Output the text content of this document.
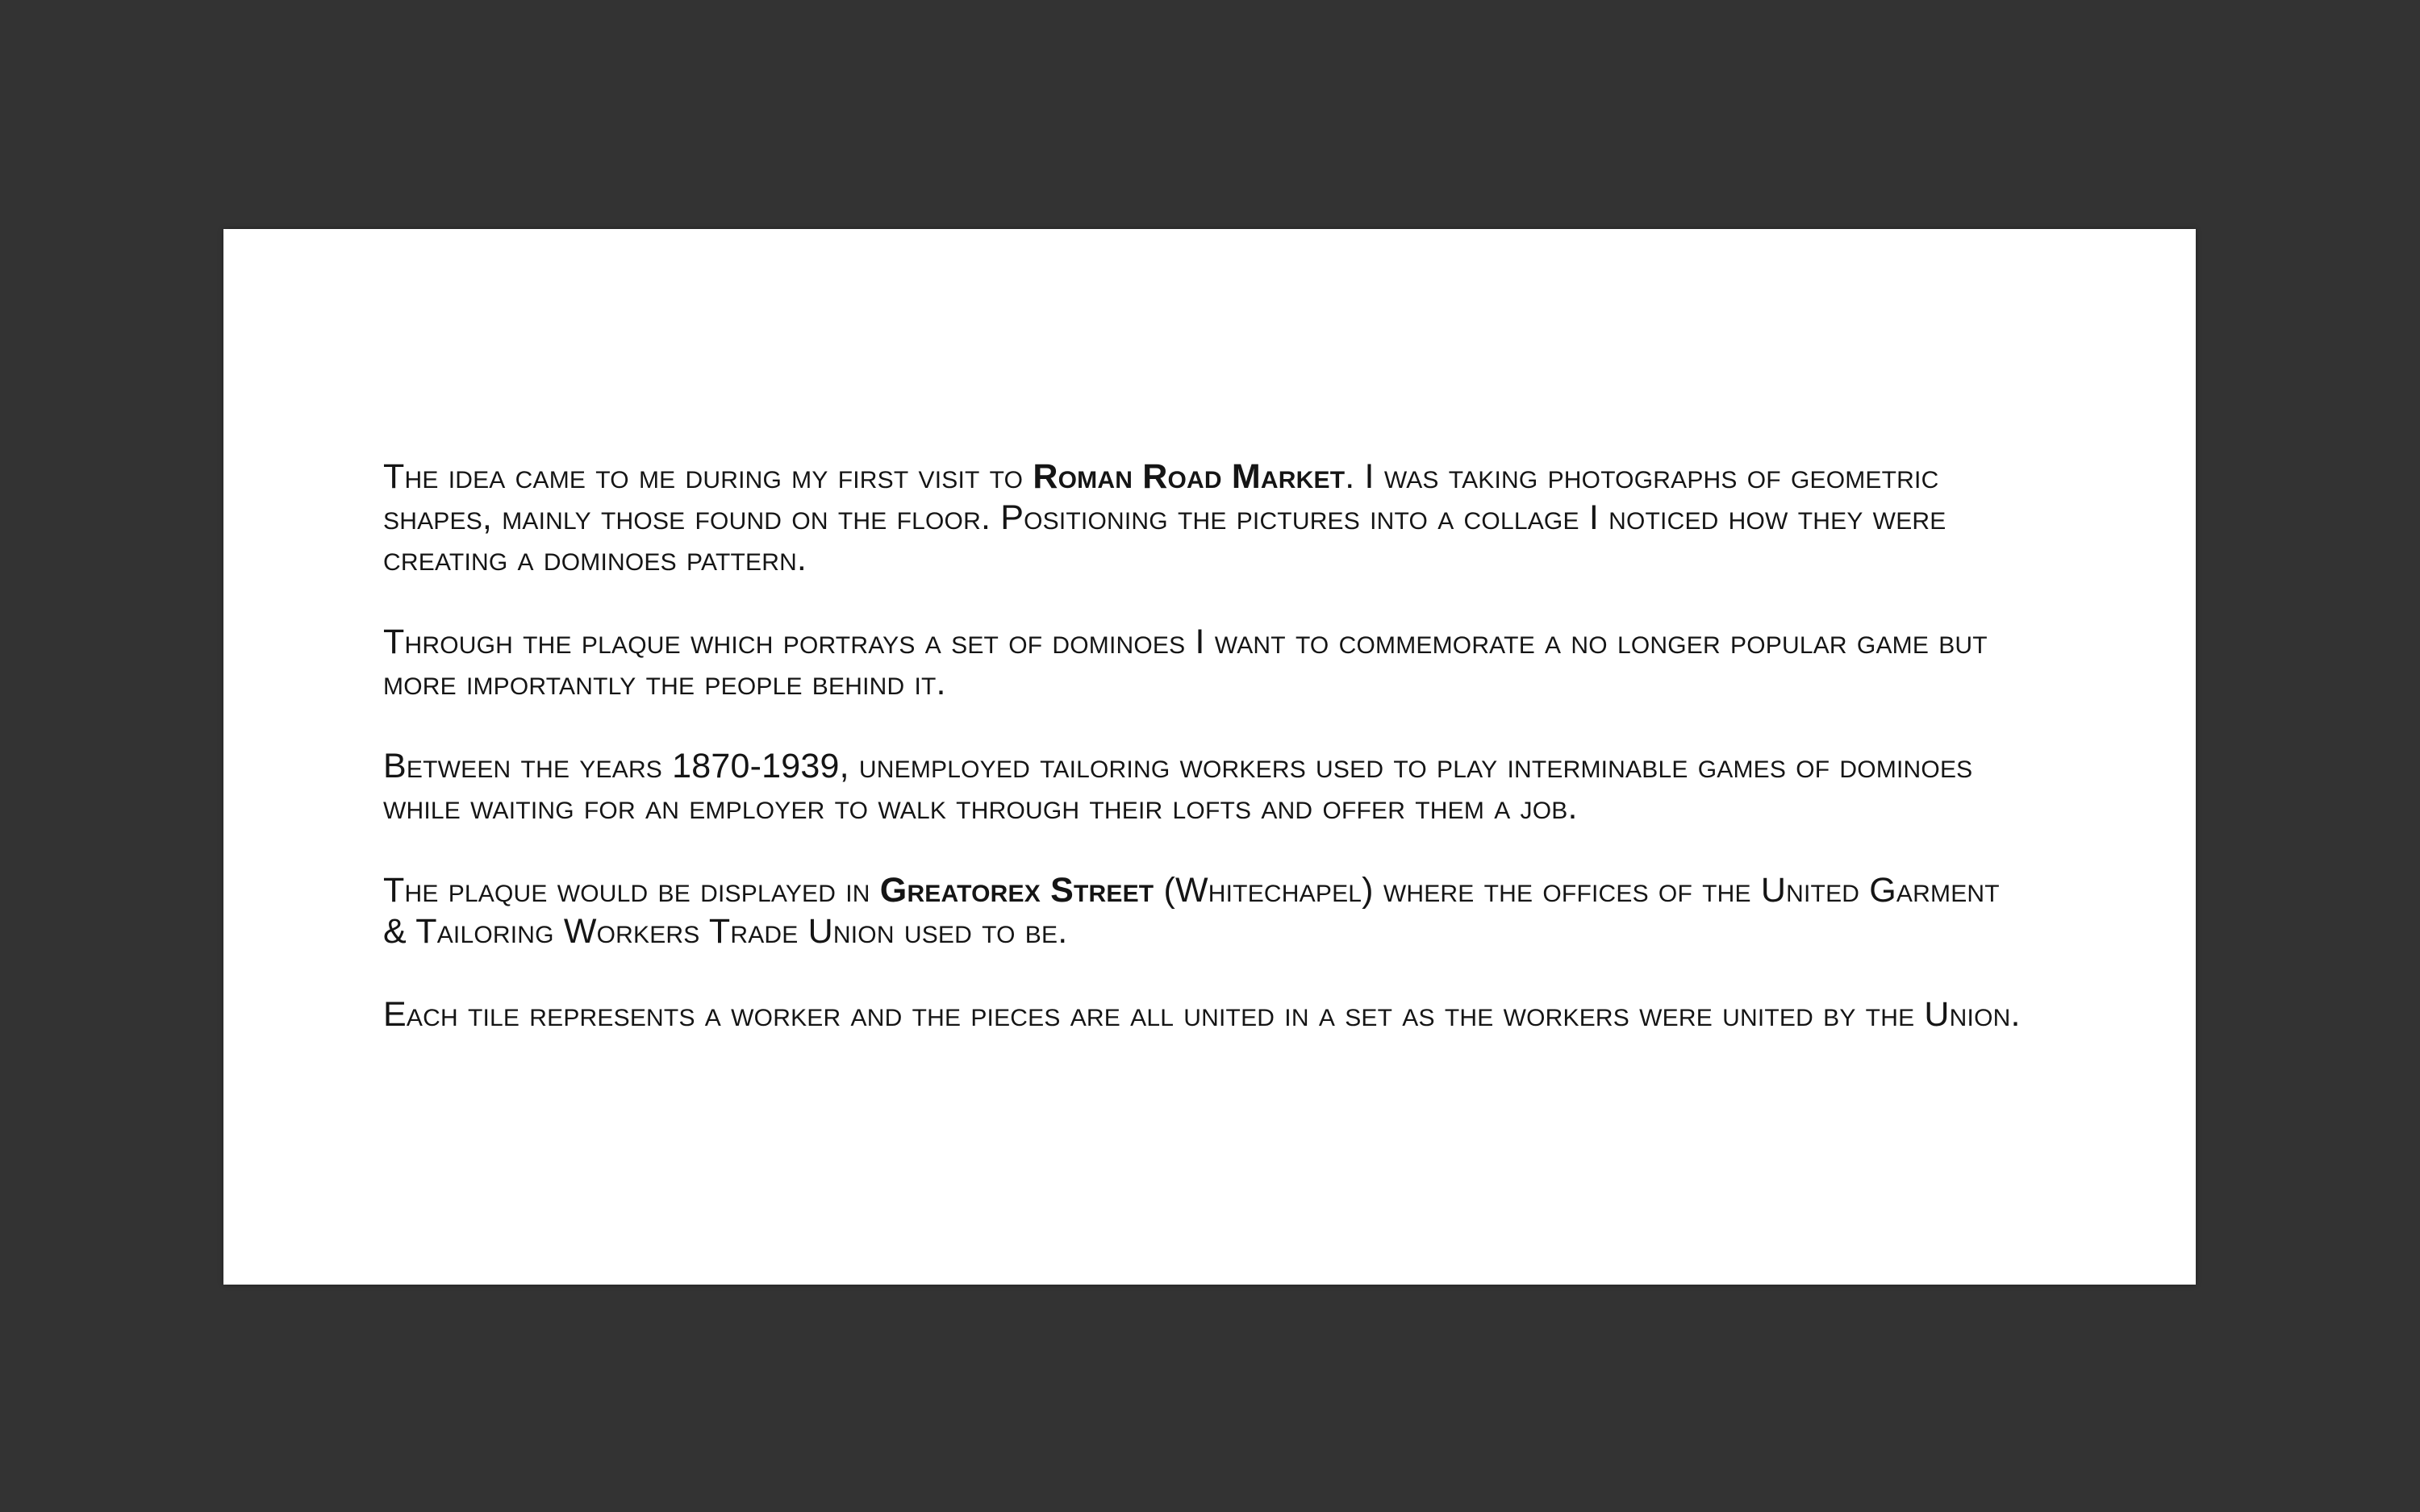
The idea came to me during my first visit to Roman Road Market. I was taking photographs of geometric shapes, mainly those found on the floor. Positioning the pictures into a collage I noticed how they were creating a dominoes pattern.

Through the plaque which portrays a set of dominoes I want to commemorate a no longer popular game but more importantly the people behind it.

Between the years 1870-1939, unemployed tailoring workers used to play interminable games of dominoes while waiting for an employer to walk through their lofts and offer them a job.

The plaque would be displayed in Greatorex Street (Whitechapel) where the offices of the United Garment & Tailoring Workers Trade Union used to be.

Each tile represents a worker and the pieces are all united in a set as the workers were united by the Union.
